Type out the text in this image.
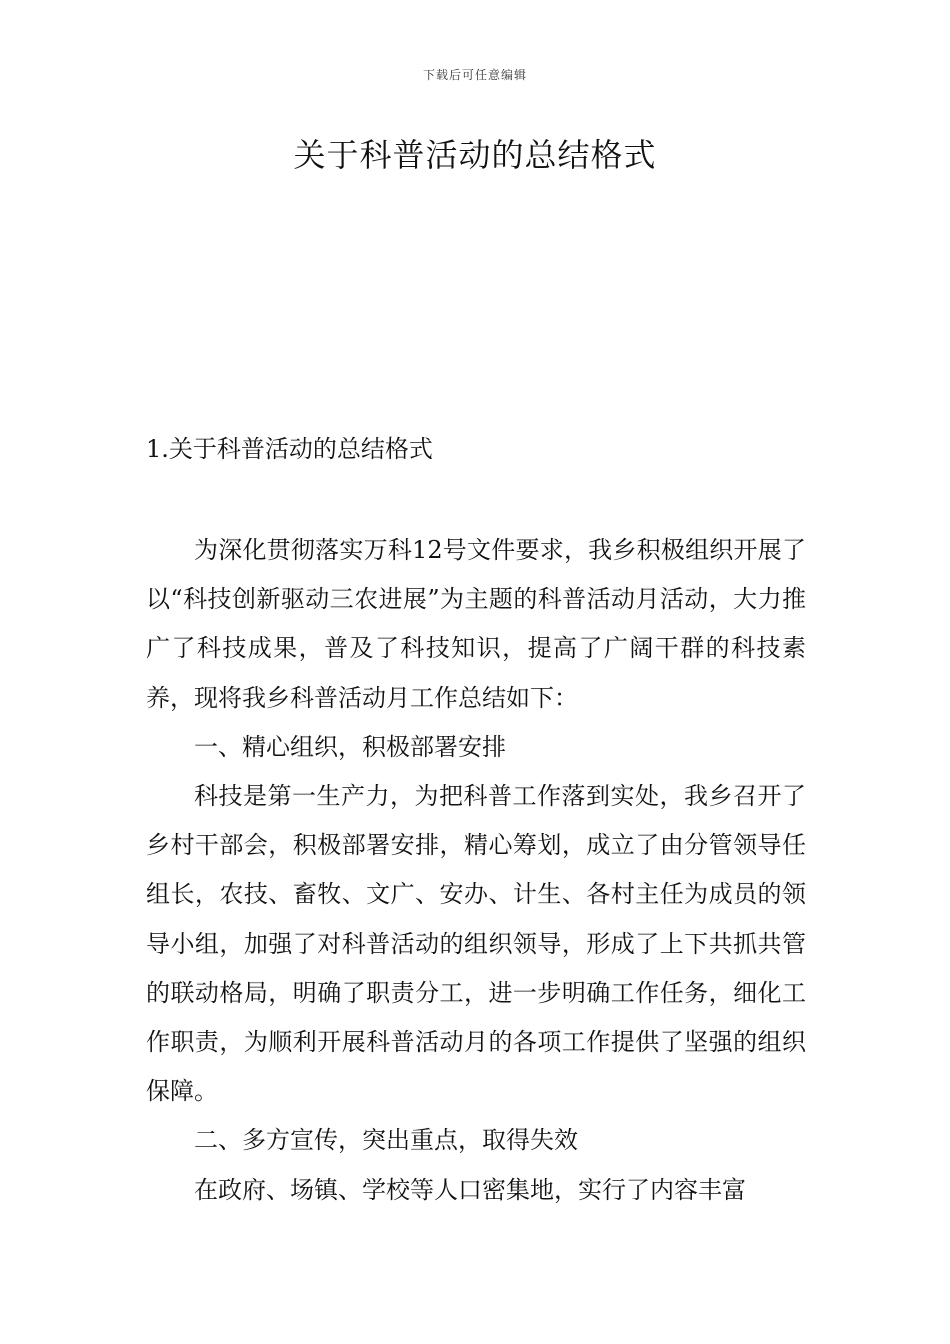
下载后可任意编辑
关于科普活动的总结格式
1.关于科普活动的总结格式

为深化贯彻落实万科12号文件要求，我乡积极组织开展了以“科技创新驱动三农进展”为主题的科普活动月活动，大力推广了科技成果，普及了科技知识，提高了广阔干群的科技素养，现将我乡科普活动月工作总结如下：

一、精心组织，积极部署安排

科技是第一生产力，为把科普工作落到实处，我乡召开了乡村干部会，积极部署安排，精心筹划，成立了由分管领导任组长，农技、畜牧、文广、安办、计生、各村主任为成员的领导小组，加强了对科普活动的组织领导，形成了上下共抓共管的联动格局，明确了职责分工，进一步明确工作任务，细化工作职责，为顺利开展科普活动月的各项工作提供了坚强的组织保障。

二、多方宣传，突出重点，取得失效

在政府、场镇、学校等人口密集地，实行了内容丰富
